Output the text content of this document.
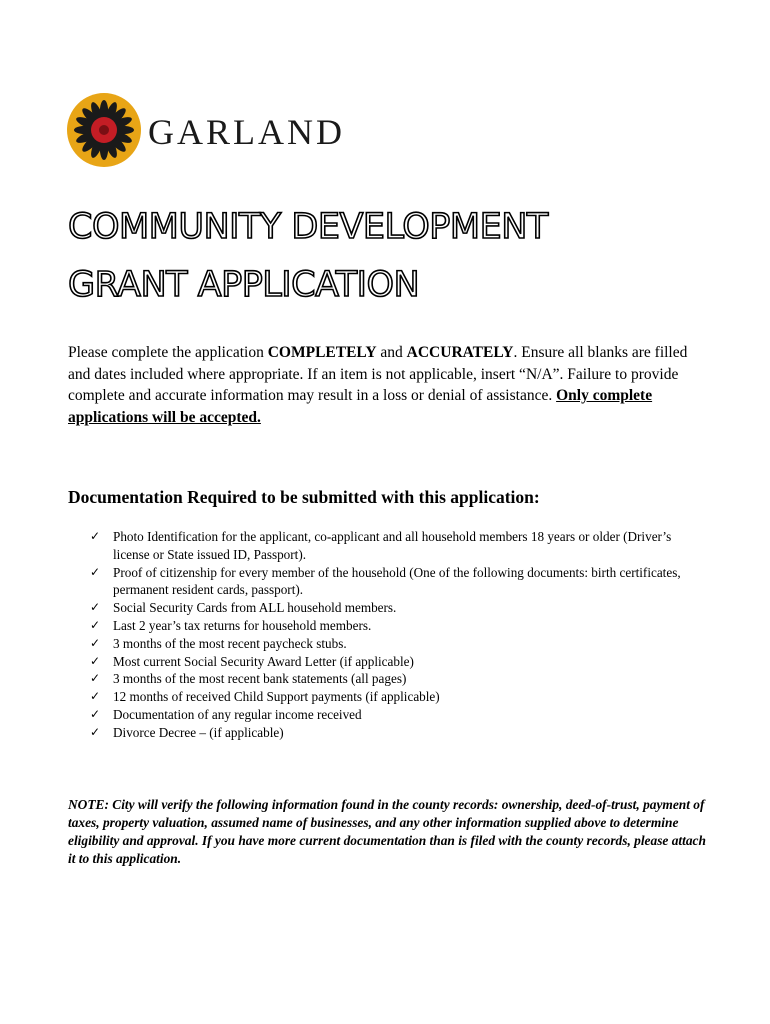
GARLAND
COMMUNITY DEVELOPMENT
GRANT APPLICATION

Please complete the application COMPLETELY and ACCURATELY. Ensure all blanks are filled and dates included where appropriate. If an item is not applicable, insert “N/A”. Failure to provide complete and accurate information may result in a loss or denial of assistance. Only complete applications will be accepted.

Documentation Required to be submitted with this application:
✓ Photo Identification for the applicant, co-applicant and all household members 18 years or older (Driver’s license or State issued ID, Passport).
✓ Proof of citizenship for every member of the household (One of the following documents: birth certificates, permanent resident cards, passport).
✓ Social Security Cards from ALL household members.
✓ Last 2 year’s tax returns for household members.
✓ 3 months of the most recent paycheck stubs.
✓ Most current Social Security Award Letter (if applicable)
✓ 3 months of the most recent bank statements (all pages)
✓ 12 months of received Child Support payments (if applicable)
✓ Documentation of any regular income received
✓ Divorce Decree – (if applicable)

NOTE: City will verify the following information found in the county records: ownership, deed-of-trust, payment of taxes, property valuation, assumed name of businesses, and any other information supplied above to determine eligibility and approval. If you have more current documentation than is filed with the county records, please attach it to this application.
